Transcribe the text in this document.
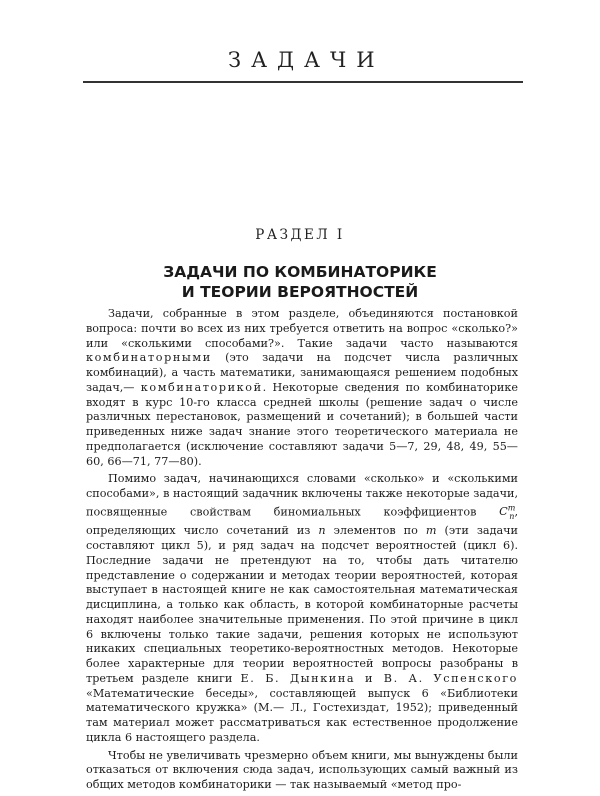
ЗАДАЧИ
РАЗДЕЛ I
ЗАДАЧИ ПО КОМБИНАТОРИКЕ
И ТЕОРИИ ВЕРОЯТНОСТЕЙ

Задачи, собранные в этом разделе, объединяются постановкой вопроса: почти во всех из них требуется ответить на вопрос «сколько?» или «сколькими способами?». Такие задачи часто называются комбинаторными (это задачи на подсчет числа различных комбинаций), а часть математики, занимающаяся решением подобных задач,— комбинаторикой. Некоторые сведения по комбинаторике входят в курс 10-го класса средней школы (решение задач о числе различных перестановок, размещений и сочетаний); в большей части приведенных ниже задач знание этого теоретического материала не предполагается (исключение составляют задачи 5—7, 29, 48, 49, 55—60, 66—71, 77—80).

Помимо задач, начинающихся словами «сколько» и «сколькими способами», в настоящий задачник включены также некоторые задачи, посвященные свойствам биномиальных коэффициентов $C^m_n$, определяющих число сочетаний из n элементов по m (эти задачи составляют цикл 5), и ряд задач на подсчет вероятностей (цикл 6). Последние задачи не претендуют на то, чтобы дать читателю представление о содержании и методах теории вероятностей, которая выступает в настоящей книге не как самостоятельная математическая дисциплина, а только как область, в которой комбинаторные расчеты находят наиболее значительные применения. По этой причине в цикл 6 включены только такие задачи, решения которых не используют никаких специальных теоретико-вероятностных методов. Некоторые более характерные для теории вероятностей вопросы разобраны в третьем разделе книги Е. Б. Дынкина и В. А. Успенского «Математические беседы», составляющей выпуск 6 «Библиотеки математического кружка» (М.— Л., Гостехиздат, 1952); приведенный там материал может рассматриваться как естественное продолжение цикла 6 настоящего раздела.

Чтобы не увеличивать чрезмерно объем книги, мы вынуждены были отказаться от включения сюда задач, использующих самый важный из общих методов комбинаторики — так называемый «метод про-
